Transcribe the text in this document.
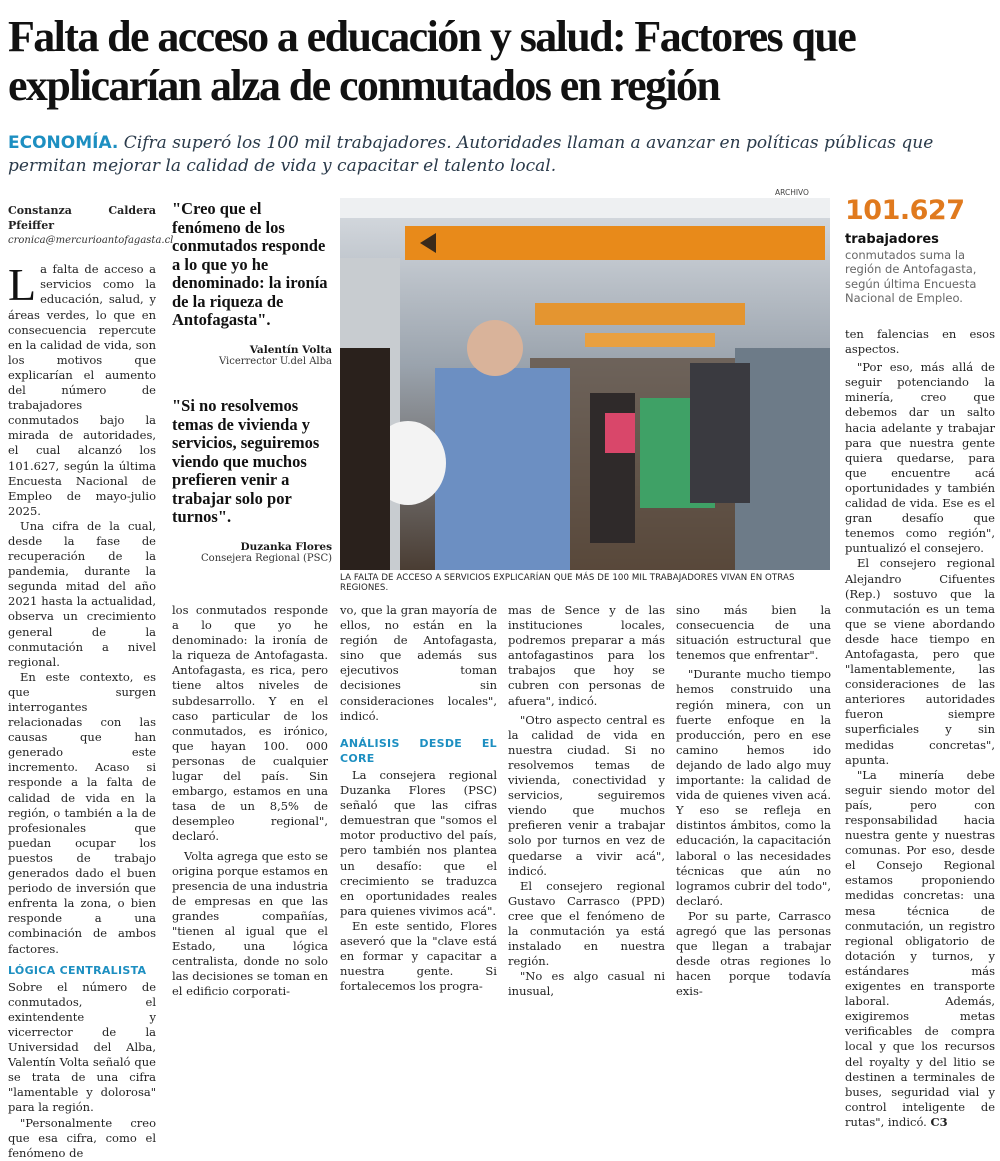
Falta de acceso a educación y salud: Factores que explicarían alza de conmutados en región

ECONOMÍA. Cifra superó los 100 mil trabajadores. Autoridades llaman a avanzar en políticas públicas que permitan mejorar la calidad de vida y capacitar el talento local.

Constanza Caldera Pfeiffer
cronica@mercurioantofagasta.cl

La falta de acceso a servicios como la educación, salud, y áreas verdes, lo que en consecuencia repercute en la calidad de vida, son los motivos que explicarían el aumento del número de trabajadores conmutados bajo la mirada de autoridades, el cual alcanzó los 101.627, según la última Encuesta Nacional de Empleo de mayo-julio 2025.

Una cifra de la cual, desde la fase de recuperación de la pandemia, durante la segunda mitad del año 2021 hasta la actualidad, observa un crecimiento general de la conmutación a nivel regional.

En este contexto, es que surgen interrogantes relacionadas con las causas que han generado este incremento. Acaso si responde a la falta de calidad de vida en la región, o también a la de profesionales que puedan ocupar los puestos de trabajo generados dado el buen periodo de inversión que enfrenta la zona, o bien responde a una combinación de ambos factores.

LÓGICA CENTRALISTA

Sobre el número de conmutados, el exintendente y vicerrector de la Universidad del Alba, Valentín Volta señaló que se trata de una cifra "lamentable y dolorosa" para la región.

"Personalmente creo que esa cifra, como el fenómeno de

"Creo que el fenómeno de los conmutados responde a lo que yo he denominado: la ironía de la riqueza de Antofagasta".

Valentín Volta
Vicerrector U.del Alba

"Si no resolvemos temas de vivienda y servicios, seguiremos viendo que muchos prefieren venir a trabajar solo por turnos".

Duzanka Flores
Consejera Regional (PSC)
ARCHIVO
LA FALTA DE ACCESO A SERVICIOS EXPLICARÍAN QUE MÁS DE 100 MIL TRABAJADORES VIVAN EN OTRAS REGIONES.
101.627
trabajadores conmutados suma la región de Antofagasta, según última Encuesta Nacional de Empleo.

los conmutados responde a lo que yo he denominado: la ironía de la riqueza de Antofagasta. Antofagasta, es rica, pero tiene altos niveles de subdesarrollo. Y en el caso particular de los conmutados, es irónico, que hayan 100. 000 personas de cualquier lugar del país. Sin embargo, estamos en una tasa de un 8,5% de desempleo regional", declaró.

Volta agrega que esto se origina porque estamos en presencia de una industria de empresas en que las grandes compañías, "tienen al igual que el Estado, una lógica centralista, donde no solo las decisiones se toman en el edificio corporati-

vo, que la gran mayoría de ellos, no están en la región de Antofagasta, sino que además sus ejecutivos toman decisiones sin consideraciones locales", indicó.

ANÁLISIS DESDE EL CORE

La consejera regional Duzanka Flores (PSC) señaló que las cifras demuestran que "somos el motor productivo del país, pero también nos plantea un desafío: que el crecimiento se traduzca en oportunidades reales para quienes vivimos acá".

En este sentido, Flores aseveró que la "clave está en formar y capacitar a nuestra gente. Si fortalecemos los progra-

mas de Sence y de las instituciones locales, podremos preparar a más antofagastinos para los trabajos que hoy se cubren con personas de afuera", indicó.

"Otro aspecto central es la calidad de vida en nuestra ciudad. Si no resolvemos temas de vivienda, conectividad y servicios, seguiremos viendo que muchos prefieren venir a trabajar solo por turnos en vez de quedarse a vivir acá", indicó.

El consejero regional Gustavo Carrasco (PPD) cree que el fenómeno de la conmutación ya está instalado en nuestra región.

"No es algo casual ni inusual,

sino más bien la consecuencia de una situación estructural que tenemos que enfrentar".

"Durante mucho tiempo hemos construido una región minera, con un fuerte enfoque en la producción, pero en ese camino hemos ido dejando de lado algo muy importante: la calidad de vida de quienes viven acá. Y eso se refleja en distintos ámbitos, como la educación, la capacitación laboral o las necesidades técnicas que aún no logramos cubrir del todo", declaró.

Por su parte, Carrasco agregó que las personas que llegan a trabajar desde otras regiones lo hacen porque todavía exis-

ten falencias en esos aspectos.

"Por eso, más allá de seguir potenciando la minería, creo que debemos dar un salto hacia adelante y trabajar para que nuestra gente quiera quedarse, para que encuentre acá oportunidades y también calidad de vida. Ese es el gran desafío que tenemos como región", puntualizó el consejero.

El consejero regional Alejandro Cifuentes (Rep.) sostuvo que la conmutación es un tema que se viene abordando desde hace tiempo en Antofagasta, pero que "lamentablemente, las consideraciones de las anteriores autoridades fueron siempre superficiales y sin medidas concretas", apunta.

"La minería debe seguir siendo motor del país, pero con responsabilidad hacia nuestra gente y nuestras comunas. Por eso, desde el Consejo Regional estamos proponiendo medidas concretas: una mesa técnica de conmutación, un registro regional obligatorio de dotación y turnos, y estándares más exigentes en transporte laboral. Además, exigiremos metas verificables de compra local y que los recursos del royalty y del litio se destinen a terminales de buses, seguridad vial y control inteligente de rutas", indicó. C3
